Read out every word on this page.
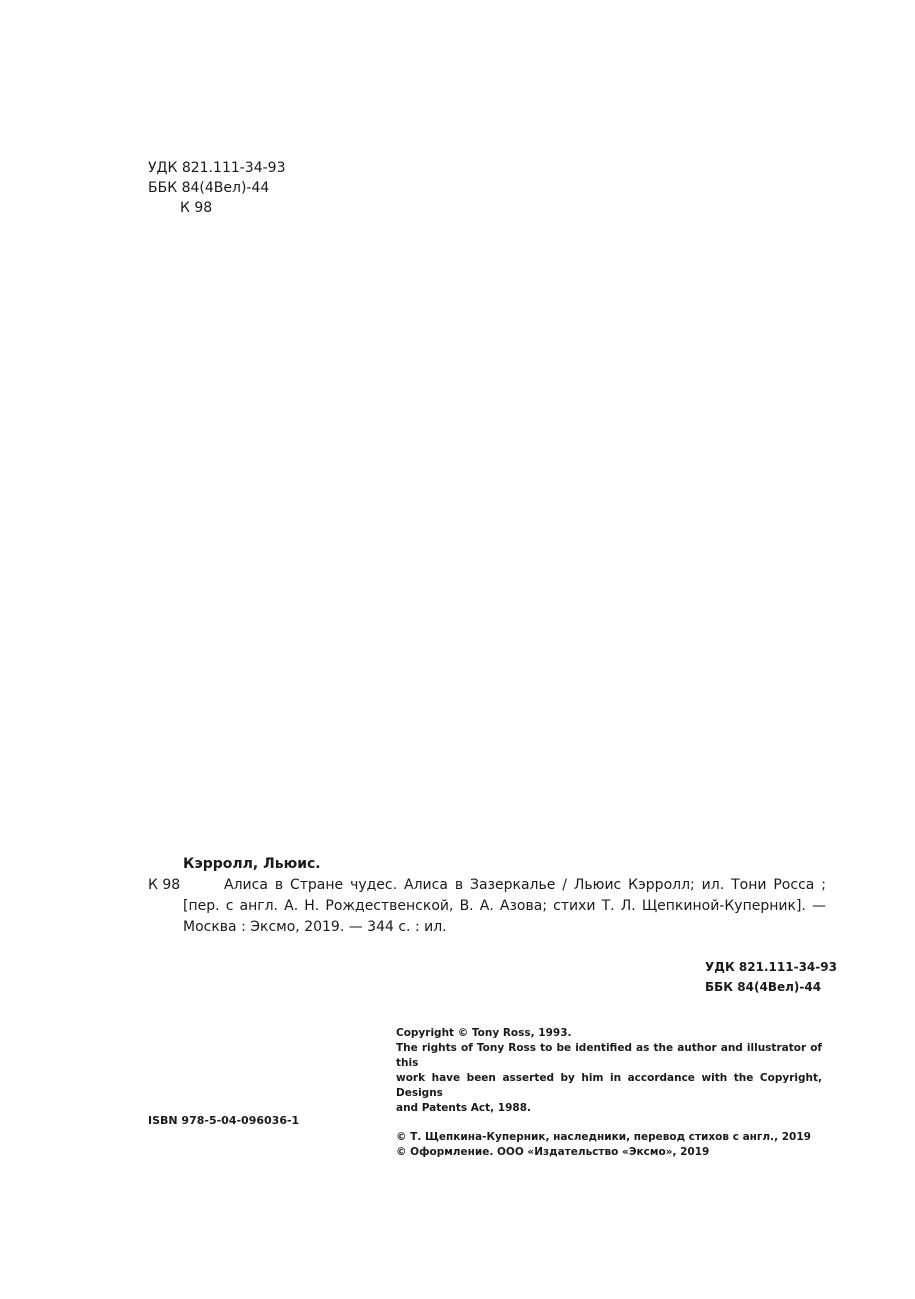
УДК 821.111-34-93
ББК 84(4Вел)-44
К 98
Кэрролл, Льюис.
К 98	Алиса в Стране чудес. Алиса в Зазеркалье / Льюис Кэрролл; ил. Тони Росса ;
[пер. с англ. А. Н. Рождественской, В. А. Азова; стихи Т. Л. Щепкиной-Куперник]. —
Москва : Эксмо, 2019. — 344 с. : ил.
УДК 821.111-34-93
ББК 84(4Вел)-44
Copyright © Tony Ross, 1993.
The rights of Tony Ross to be identified as the author and illustrator of this
work have been asserted by him in accordance with the Copyright, Designs
and Patents Act, 1988.
© Т. Щепкина-Куперник, наследники, перевод стихов с англ., 2019
© Оформление. ООО «Издательство «Эксмо», 2019
ISBN 978-5-04-096036-1
